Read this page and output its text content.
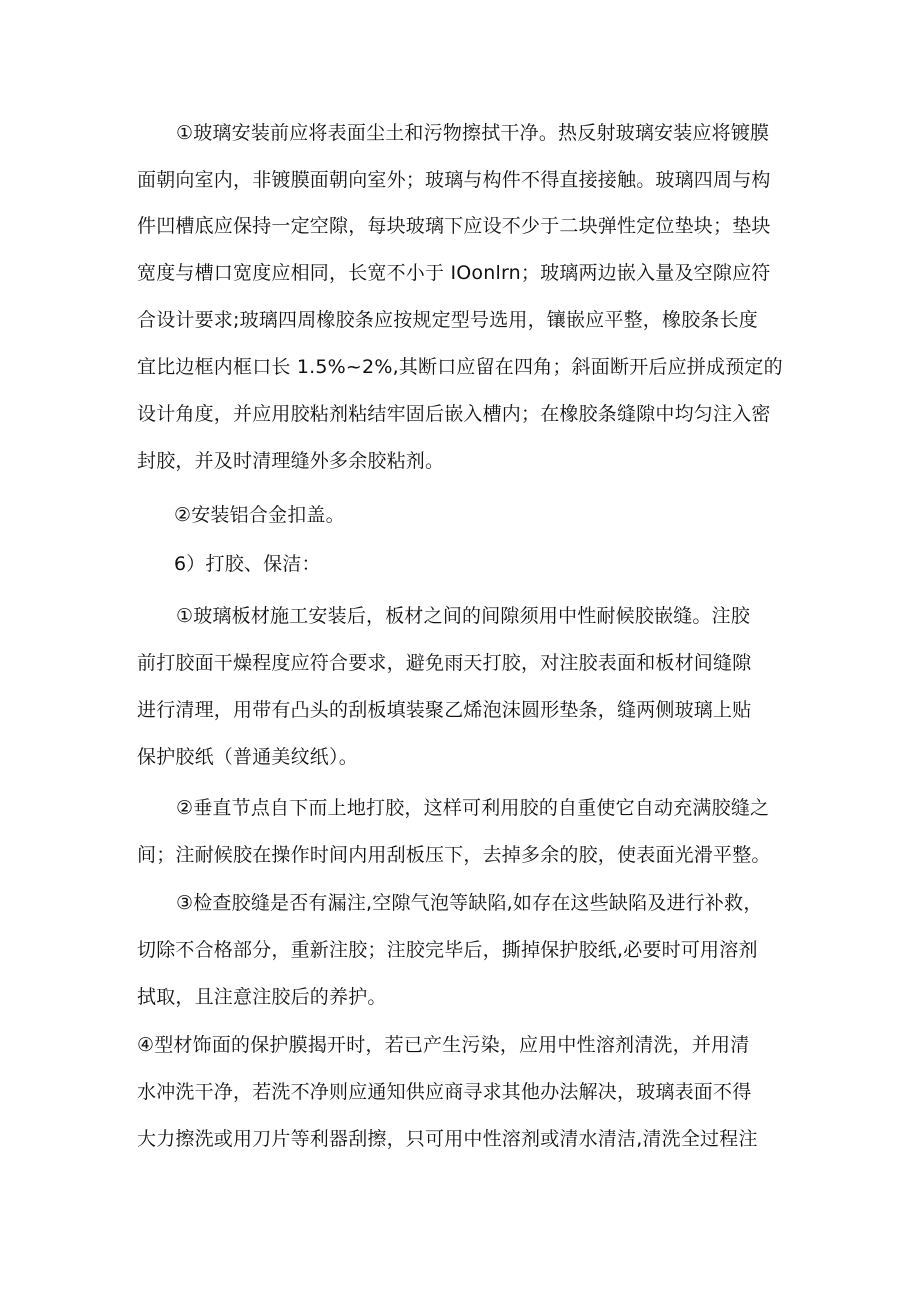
①玻璃安装前应将表面尘土和污物擦拭干净。热反射玻璃安装应将镀膜
面朝向室内，非镀膜面朝向室外；玻璃与构件不得直接接触。玻璃四周与构
件凹槽底应保持一定空隙，每块玻璃下应设不少于二块弹性定位垫块；垫块
宽度与槽口宽度应相同，长宽不小于 IOonlrn；玻璃两边嵌入量及空隙应符
合设计要求;玻璃四周橡胶条应按规定型号选用，镶嵌应平整，橡胶条长度
宜比边框内框口长 1.5%~2%,其断口应留在四角；斜面断开后应拼成预定的
设计角度，并应用胶粘剂粘结牢固后嵌入槽内；在橡胶条缝隙中均匀注入密
封胶，并及时清理缝外多余胶粘剂。
②安装铝合金扣盖。
6）打胶、保洁：
①玻璃板材施工安装后，板材之间的间隙须用中性耐候胶嵌缝。注胶
前打胶面干燥程度应符合要求，避免雨天打胶，对注胶表面和板材间缝隙
进行清理，用带有凸头的刮板填装聚乙烯泡沫圆形垫条，缝两侧玻璃上贴
保护胶纸（普通美纹纸）。
②垂直节点自下而上地打胶，这样可利用胶的自重使它自动充满胶缝之
间；注耐候胶在操作时间内用刮板压下，去掉多余的胶，使表面光滑平整。
③检查胶缝是否有漏注,空隙气泡等缺陷,如存在这些缺陷及进行补救，
切除不合格部分，重新注胶；注胶完毕后，撕掉保护胶纸,必要时可用溶剂
拭取，且注意注胶后的养护。
④型材饰面的保护膜揭开时，若已产生污染，应用中性溶剂清洗，并用清
水冲洗干净，若洗不净则应通知供应商寻求其他办法解决，玻璃表面不得
大力擦洗或用刀片等利器刮擦，只可用中性溶剂或清水清洁,清洗全过程注
